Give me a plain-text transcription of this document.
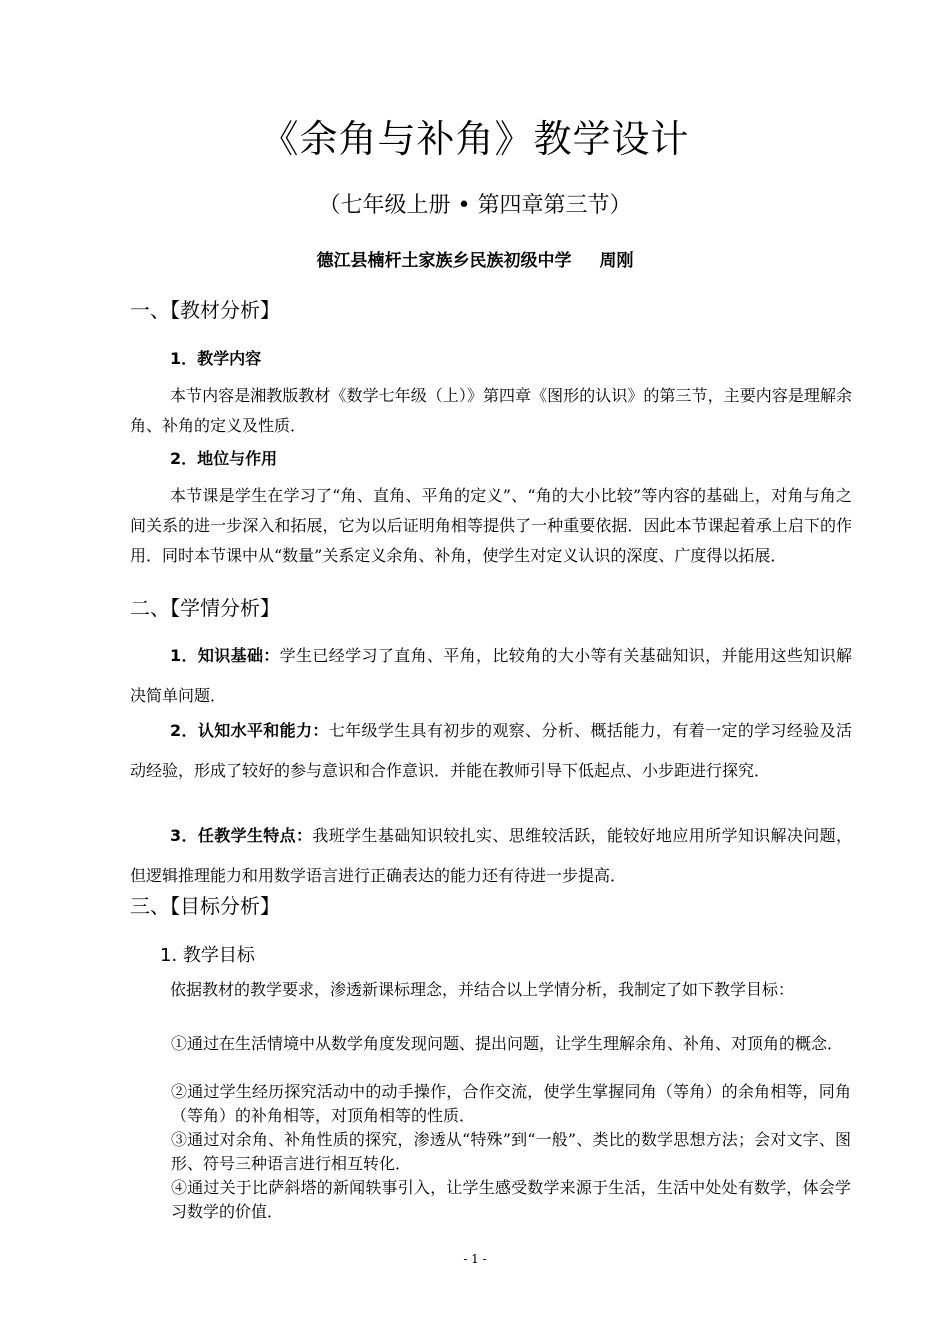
《余角与补角》教学设计
（七年级上册 • 第四章第三节）
德江县楠杆土家族乡民族初级中学 周刚
一、【教材分析】
1．教学内容
本节内容是湘教版教材《数学七年级（上）》第四章《图形的认识》的第三节，主要内容是理解余角、补角的定义及性质．
2．地位与作用
本节课是学生在学习了“角、直角、平角的定义”、“角的大小比较”等内容的基础上，对角与角之间关系的进一步深入和拓展，它为以后证明角相等提供了一种重要依据．因此本节课起着承上启下的作用．同时本节课中从“数量”关系定义余角、补角，使学生对定义认识的深度、广度得以拓展．
二、【学情分析】
1．知识基础：学生已经学习了直角、平角，比较角的大小等有关基础知识，并能用这些知识解决简单问题．
2．认知水平和能力：七年级学生具有初步的观察、分析、概括能力，有着一定的学习经验及活动经验，形成了较好的参与意识和合作意识．并能在教师引导下低起点、小步距进行探究．
3．任教学生特点：我班学生基础知识较扎实、思维较活跃，能较好地应用所学知识解决问题，但逻辑推理能力和用数学语言进行正确表达的能力还有待进一步提高．
三、【目标分析】
1. 教学目标
依据教材的教学要求，渗透新课标理念，并结合以上学情分析，我制定了如下教学目标：
①通过在生活情境中从数学角度发现问题、提出问题，让学生理解余角、补角、对顶角的概念．
②通过学生经历探究活动中的动手操作，合作交流，使学生掌握同角（等角）的余角相等，同角（等角）的补角相等，对顶角相等的性质．
③通过对余角、补角性质的探究，渗透从“特殊”到“一般”、类比的数学思想方法；会对文字、图形、符号三种语言进行相互转化．
④通过关于比萨斜塔的新闻轶事引入，让学生感受数学来源于生活，生活中处处有数学，体会学习数学的价值．
- 1 -
